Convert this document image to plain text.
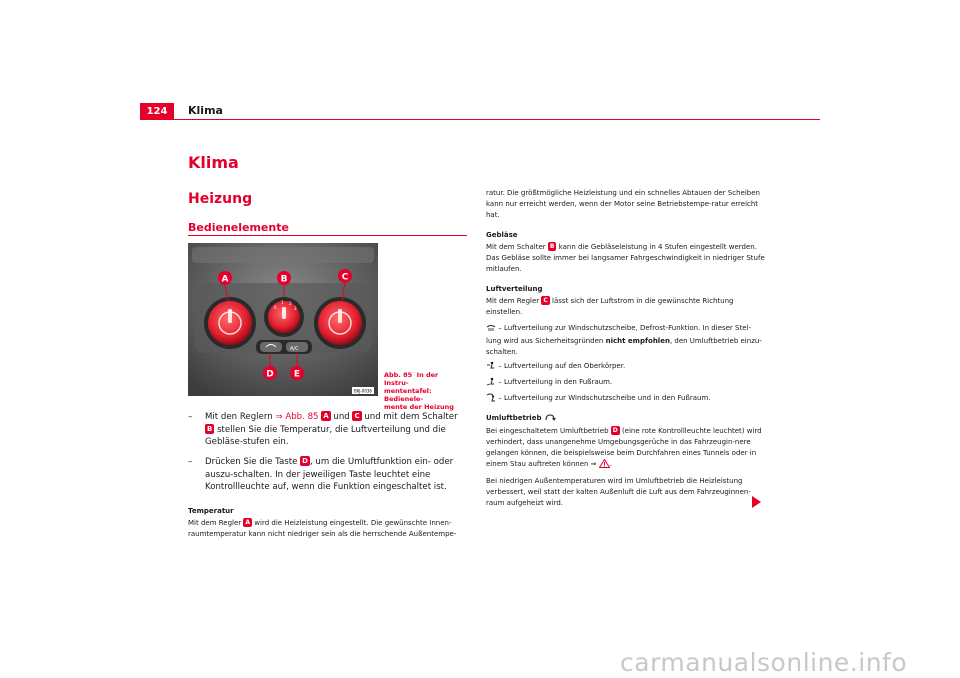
124	Klima
Klima
Heizung
Bedienelemente
0
1 2
3
A/C
A	B	C
D E
B6J-0036
Abb. 85 In der Instru-
mententafel: Bedienele-
mente der Heizung
– Mit den Reglern ⇒ Abb. 85 A und C und mit dem Schalter B stellen Sie die Temperatur, die Luftverteilung und die Gebläse-stufen ein.
– Drücken Sie die Taste D , um die Umluftfunktion ein- oder auszu-schalten. In der jeweiligen Taste leuchtet eine Kontrollleuchte auf, wenn die Funktion eingeschaltet ist.
Temperatur
Mit dem Regler A wird die Heizleistung eingestellt. Die gewünschte Innen-raumtemperatur kann nicht niedriger sein als die herrschende Außentempe-
ratur. Die größtmögliche Heizleistung und ein schnelles Abtauen der Scheiben kann nur erreicht werden, wenn der Motor seine Betriebstempe-ratur erreicht hat.
Gebläse
Mit dem Schalter B kann die Gebläseleistung in 4 Stufen eingestellt werden. Das Gebläse sollte immer bei langsamer Fahrgeschwindigkeit in niedriger Stufe mitlaufen.
Luftverteilung
Mit dem Regler C lässt sich der Luftstrom in die gewünschte Richtung einstellen.
– Luftverteilung zur Windschutzscheibe, Defrost-Funktion. In dieser Stel-lung wird aus Sicherheitsgründen nicht empfohlen, den Umluftbetrieb einzu-schalten.
– Luftverteilung auf den Oberkörper.
– Luftverteilung in den Fußraum.
– Luftverteilung zur Windschutzscheibe und in den Fußraum.
Umluftbetrieb
Bei eingeschaltetem Umluftbetrieb D (eine rote Kontrollleuchte leuchtet) wird verhindert, dass unangenehme Umgebungsgerüche in das Fahrzeugin-nere gelangen können, die beispielsweise beim Durchfahren eines Tunnels oder in einem Stau auftreten können ⇒ .
Bei niedrigen Außentemperaturen wird im Umluftbetrieb die Heizleistung verbessert, weil statt der kalten Außenluft die Luft aus dem Fahrzeuginnen-raum aufgeheizt wird.
carmanualsonline.info
